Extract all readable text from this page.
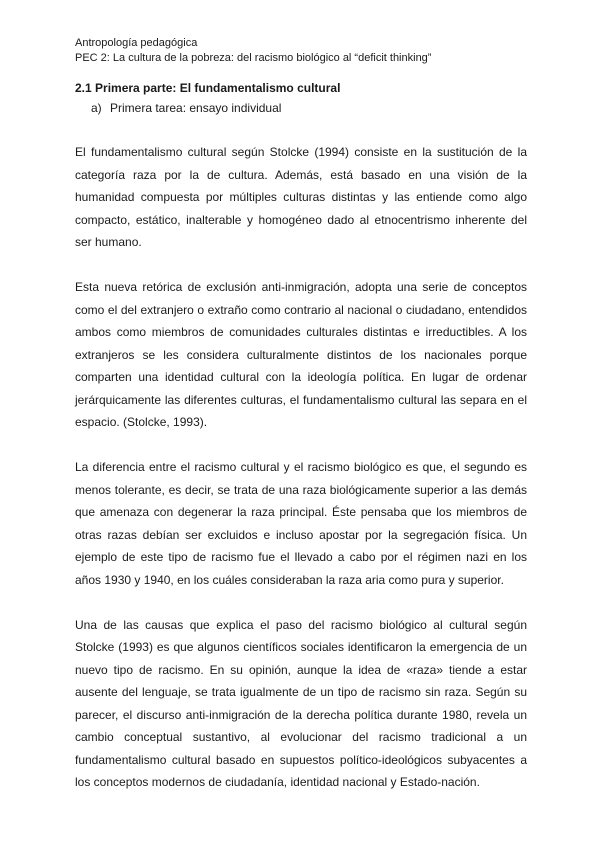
Antropología pedagógica
PEC 2: La cultura de la pobreza: del racismo biológico al “deficit thinking”
2.1 Primera parte: El fundamentalismo cultural
a) Primera tarea: ensayo individual

El fundamentalismo cultural según Stolcke (1994) consiste en la sustitución de la categoría raza por la de cultura. Además, está basado en una visión de la humanidad compuesta por múltiples culturas distintas y las entiende como algo compacto, estático, inalterable y homogéneo dado al etnocentrismo inherente del ser humano.

Esta nueva retórica de exclusión anti-inmigración, adopta una serie de conceptos como el del extranjero o extraño como contrario al nacional o ciudadano, entendidos ambos como miembros de comunidades culturales distintas e irreductibles. A los extranjeros se les considera culturalmente distintos de los nacionales porque comparten una identidad cultural con la ideología política. En lugar de ordenar jerárquicamente las diferentes culturas, el fundamentalismo cultural las separa en el espacio. (Stolcke, 1993).

La diferencia entre el racismo cultural y el racismo biológico es que, el segundo es menos tolerante, es decir, se trata de una raza biológicamente superior a las demás que amenaza con degenerar la raza principal. Éste pensaba que los miembros de otras razas debían ser excluidos e incluso apostar por la segregación física. Un ejemplo de este tipo de racismo fue el llevado a cabo por el régimen nazi en los años 1930 y 1940, en los cuáles consideraban la raza aria como pura y superior.

Una de las causas que explica el paso del racismo biológico al cultural según Stolcke (1993) es que algunos científicos sociales identificaron la emergencia de un nuevo tipo de racismo. En su opinión, aunque la idea de «raza» tiende a estar ausente del lenguaje, se trata igualmente de un tipo de racismo sin raza. Según su parecer, el discurso anti-inmigración de la derecha política durante 1980, revela un cambio conceptual sustantivo, al evolucionar del racismo tradicional a un fundamentalismo cultural basado en supuestos político-ideológicos subyacentes a los conceptos modernos de ciudadanía, identidad nacional y Estado-nación.
